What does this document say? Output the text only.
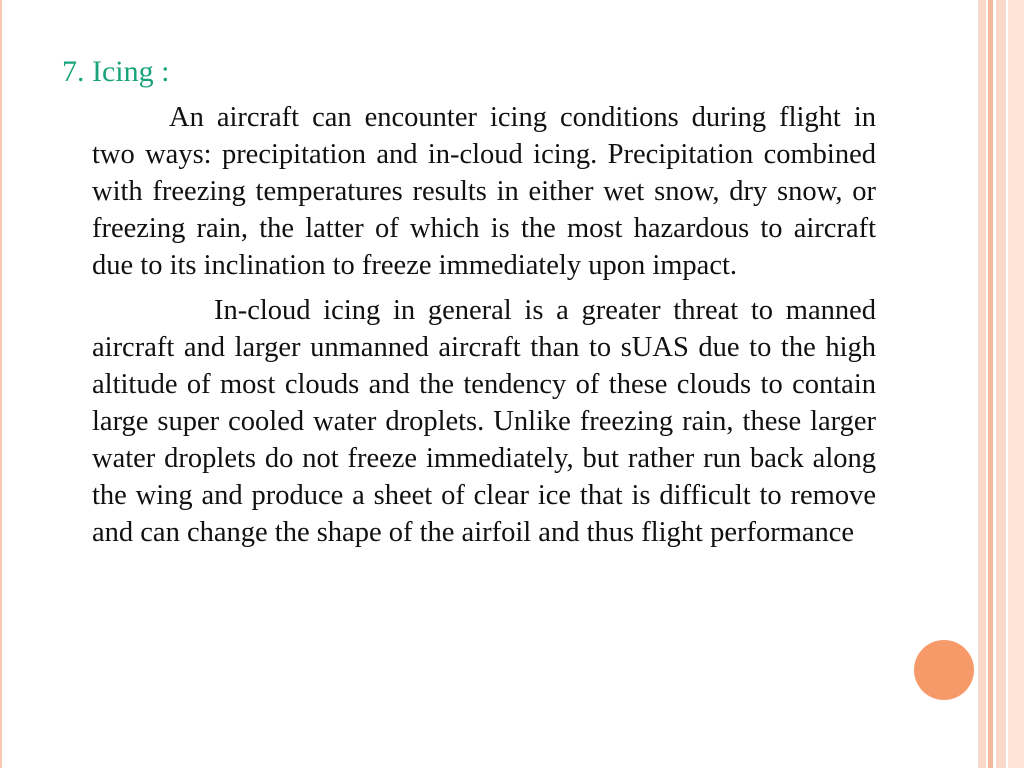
7. Icing :

An aircraft can encounter icing conditions during flight in two ways: precipitation and in-cloud icing. Precipitation combined with freezing temperatures results in either wet snow, dry snow, or freezing rain, the latter of which is the most hazardous to aircraft due to its inclination to freeze immediately upon impact.

In-cloud icing in general is a greater threat to manned aircraft and larger unmanned aircraft than to sUAS due to the high altitude of most clouds and the tendency of these clouds to contain large super cooled water droplets. Unlike freezing rain, these larger water droplets do not freeze immediately, but rather run back along the wing and produce a sheet of clear ice that is difficult to remove and can change the shape of the airfoil and thus flight performance
